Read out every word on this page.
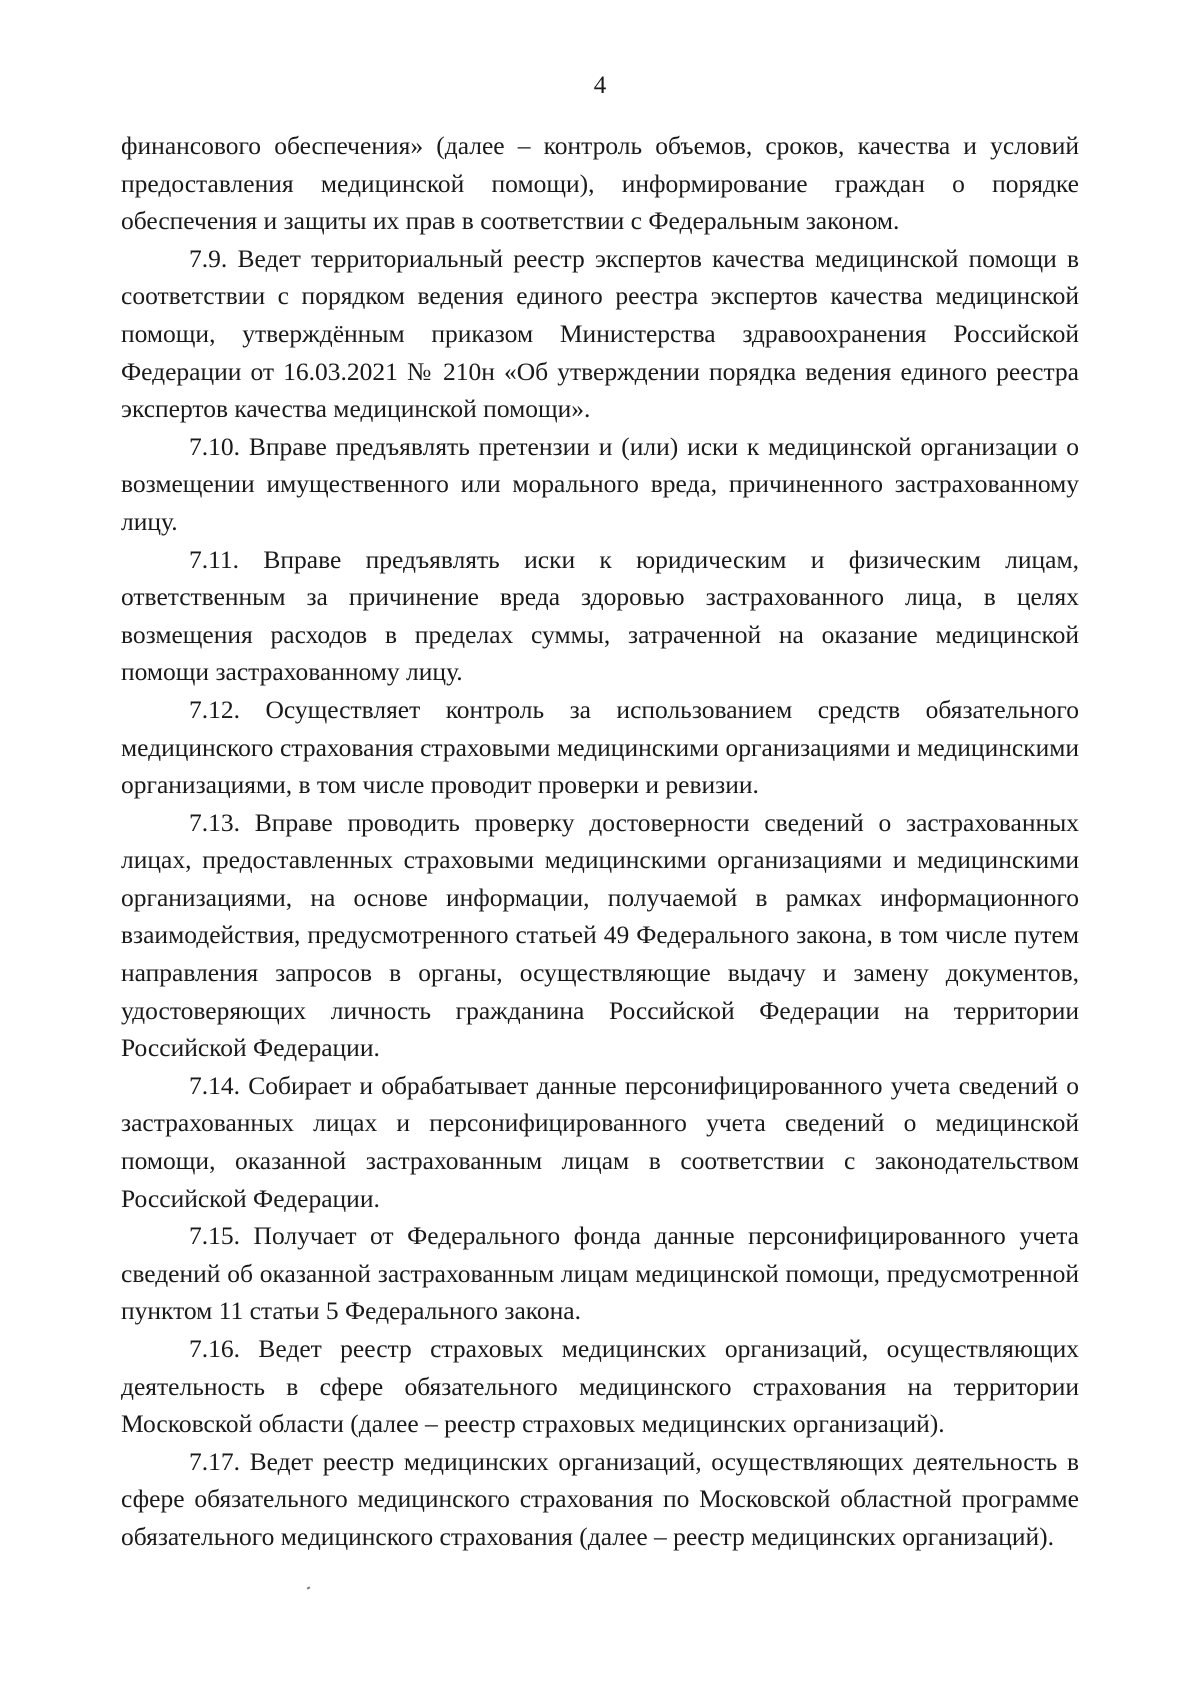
4

финансового обеспечения» (далее – контроль объемов, сроков, качества и условий предоставления медицинской помощи), информирование граждан о порядке обеспечения и защиты их прав в соответствии с Федеральным законом.

7.9. Ведет территориальный реестр экспертов качества медицинской помощи в соответствии с порядком ведения единого реестра экспертов качества медицинской помощи, утверждённым приказом Министерства здравоохранения Российской Федерации от 16.03.2021 № 210н «Об утверждении порядка ведения единого реестра экспертов качества медицинской помощи».

7.10. Вправе предъявлять претензии и (или) иски к медицинской организации о возмещении имущественного или морального вреда, причиненного застрахованному лицу.

7.11. Вправе предъявлять иски к юридическим и физическим лицам, ответственным за причинение вреда здоровью застрахованного лица, в целях возмещения расходов в пределах суммы, затраченной на оказание медицинской помощи застрахованному лицу.

7.12. Осуществляет контроль за использованием средств обязательного медицинского страхования страховыми медицинскими организациями и медицинскими организациями, в том числе проводит проверки и ревизии.

7.13. Вправе проводить проверку достоверности сведений о застрахованных лицах, предоставленных страховыми медицинскими организациями и медицинскими организациями, на основе информации, получаемой в рамках информационного взаимодействия, предусмотренного статьей 49 Федерального закона, в том числе путем направления запросов в органы, осуществляющие выдачу и замену документов, удостоверяющих личность гражданина Российской Федерации на территории Российской Федерации.

7.14. Собирает и обрабатывает данные персонифицированного учета сведений о застрахованных лицах и персонифицированного учета сведений о медицинской помощи, оказанной застрахованным лицам в соответствии с законодательством Российской Федерации.

7.15. Получает от Федерального фонда данные персонифицированного учета сведений об оказанной застрахованным лицам медицинской помощи, предусмотренной пунктом 11 статьи 5 Федерального закона.

7.16. Ведет реестр страховых медицинских организаций, осуществляющих деятельность в сфере обязательного медицинского страхования на территории Московской области (далее – реестр страховых медицинских организаций).

7.17. Ведет реестр медицинских организаций, осуществляющих деятельность в сфере обязательного медицинского страхования по Московской областной программе обязательного медицинского страхования (далее – реестр медицинских организаций).
